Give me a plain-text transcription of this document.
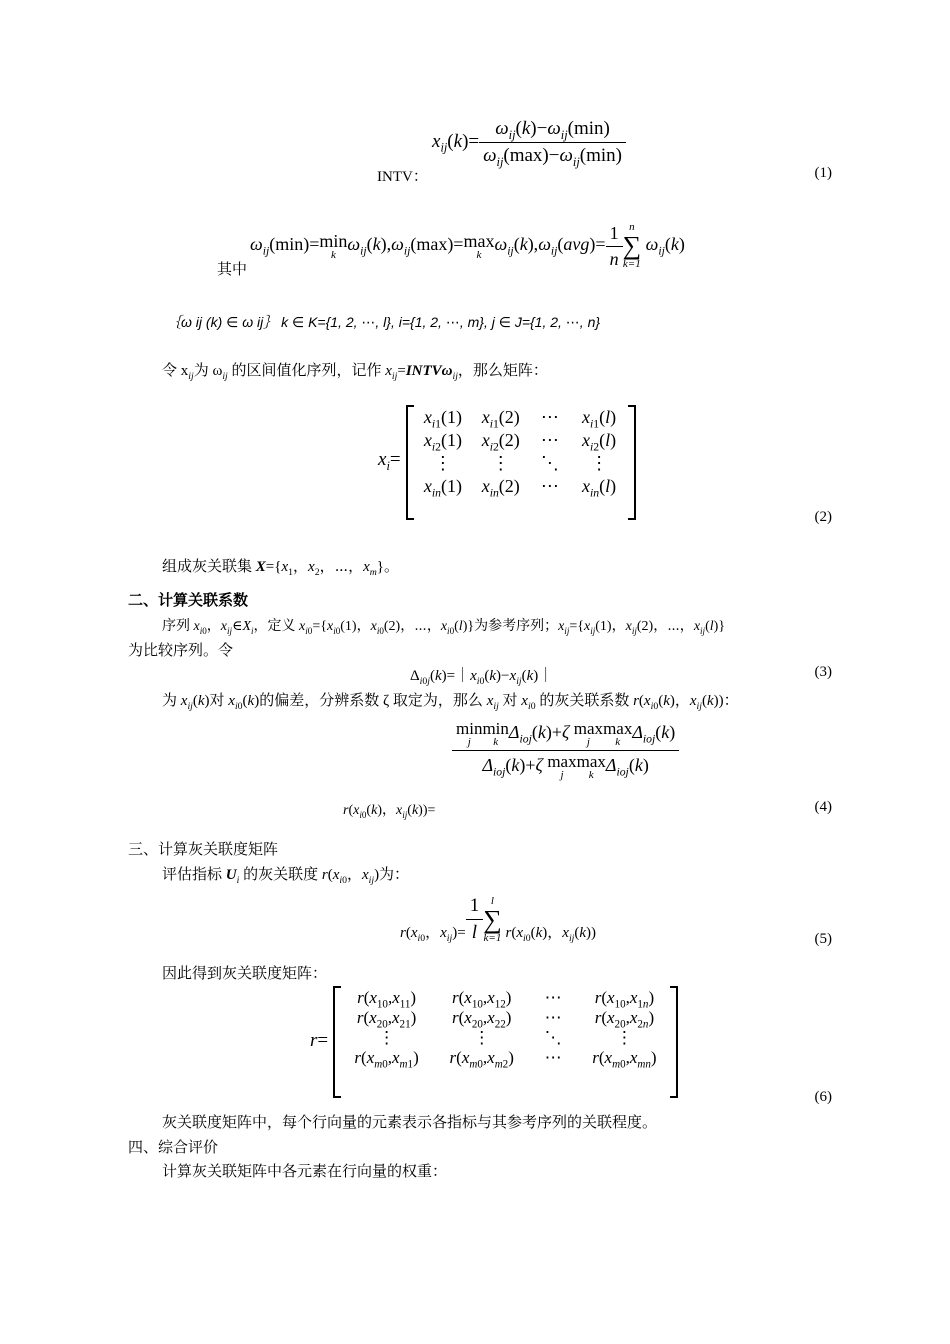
$x_{ij}(k)= \frac{\omega_{ij}(k)-\omega_{ij}(\min)}{\omega_{ij}(\max)-\omega_{ij}(\min)}$
INTV：	(1)
其中
$\omega_{ij}(\min)= \min$
k
$\omega_{ij}(k),\omega_{ij}(\max)= \max$
k
$\omega_{ij}(k),\omega_{ij}(avg)= \frac{1}{n}$ n
∑
k=1
$\omega_{ij}(k)$
｛ω ij (k) ∈ ω ij｝ k ∈ K={1, 2, ⋯, l}, i={1, 2, ⋯, m}, j ∈ J={1, 2, ⋯, n}
令 $x_{ij}$为 $\omega_{ij}$ 的区间值化序列，记作 $x_{ij}=INTV\omega_{ij}$，那么矩阵：
$x_i=$
$x_{i1}(1)$	$x_{i1}(2)$	⋯	$x_{i1}(l)$
$x_{i2}(1)$	$x_{i2}(2)$	⋯	$x_{i2}(l)$
⋮	⋮	⋱	⋮
$x_{in}(1)$	$x_{in}(2)$	⋯	$x_{in}(l)$
(2)
组成灰关联集 $X=\{x_1$，$x_2$，⋯，$x_m$}。
二、计算关联系数
序列 $x_{i0}$，$x_{ij}\in X_i$，定义 $x_{i0}=\{x_{i0}(1)$，$x_{i0}(2)$，⋯，$x_{i0}(l)$}为参考序列；$x_{ij}=\{x_{ij}(1)$，$x_{ij}(2)$，⋯，$x_{ij}(l)$}
为比较序列。令
$\Delta_{i0j}(k)=|x_{i0}(k)-x_{ij}(k)|$	(3)
为 $x_{ij}(k)$对 $x_{i0}(k)$的偏差，分辨系数 ζ 取定为，那么 $x_{ij}$ 对 $x_{i0}$ 的灰关联系数 $r(x_{i0}(k)$，$x_{ij}(k)$)：
min
j
min
k $\Delta_{ioj}(k)+\zeta$ max
j
max
k $\Delta_{ioj}(k)$
$\Delta_{ioj}(k)+\zeta$ max
j
max
k $\Delta_{ioj}(k)$
$r(x_{i0}(k)$，$x_{ij}(k))=$	(4)
三、计算灰关联度矩阵
评估指标 $U_i$ 的灰关联度 $r(x_{i0}$，$x_{ij}$)为：
$r(x_{i0}$，$x_{ij})= \frac{1}{l}$ l
∑
k=1 $r(x_{i0}(k)$，$x_{ij}(k)$)	(5)
因此得到灰关联度矩阵：
r=
$r(x_{10},x_{11})$	$r(x_{10},x_{12})$	⋯	$r(x_{10},x_{1n})$
$r(x_{20},x_{21})$	$r(x_{20},x_{22})$	⋯	$r(x_{20},x_{2n})$
⋮	⋮	⋱	⋮
$r(x_{m0},x_{m1})$	$r(x_{m0},x_{m2})$	⋯	$r(x_{m0},x_{mn})$
(6)
灰关联度矩阵中，每个行向量的元素表示各指标与其参考序列的关联程度。
四、综合评价
计算灰关联矩阵中各元素在行向量的权重：
